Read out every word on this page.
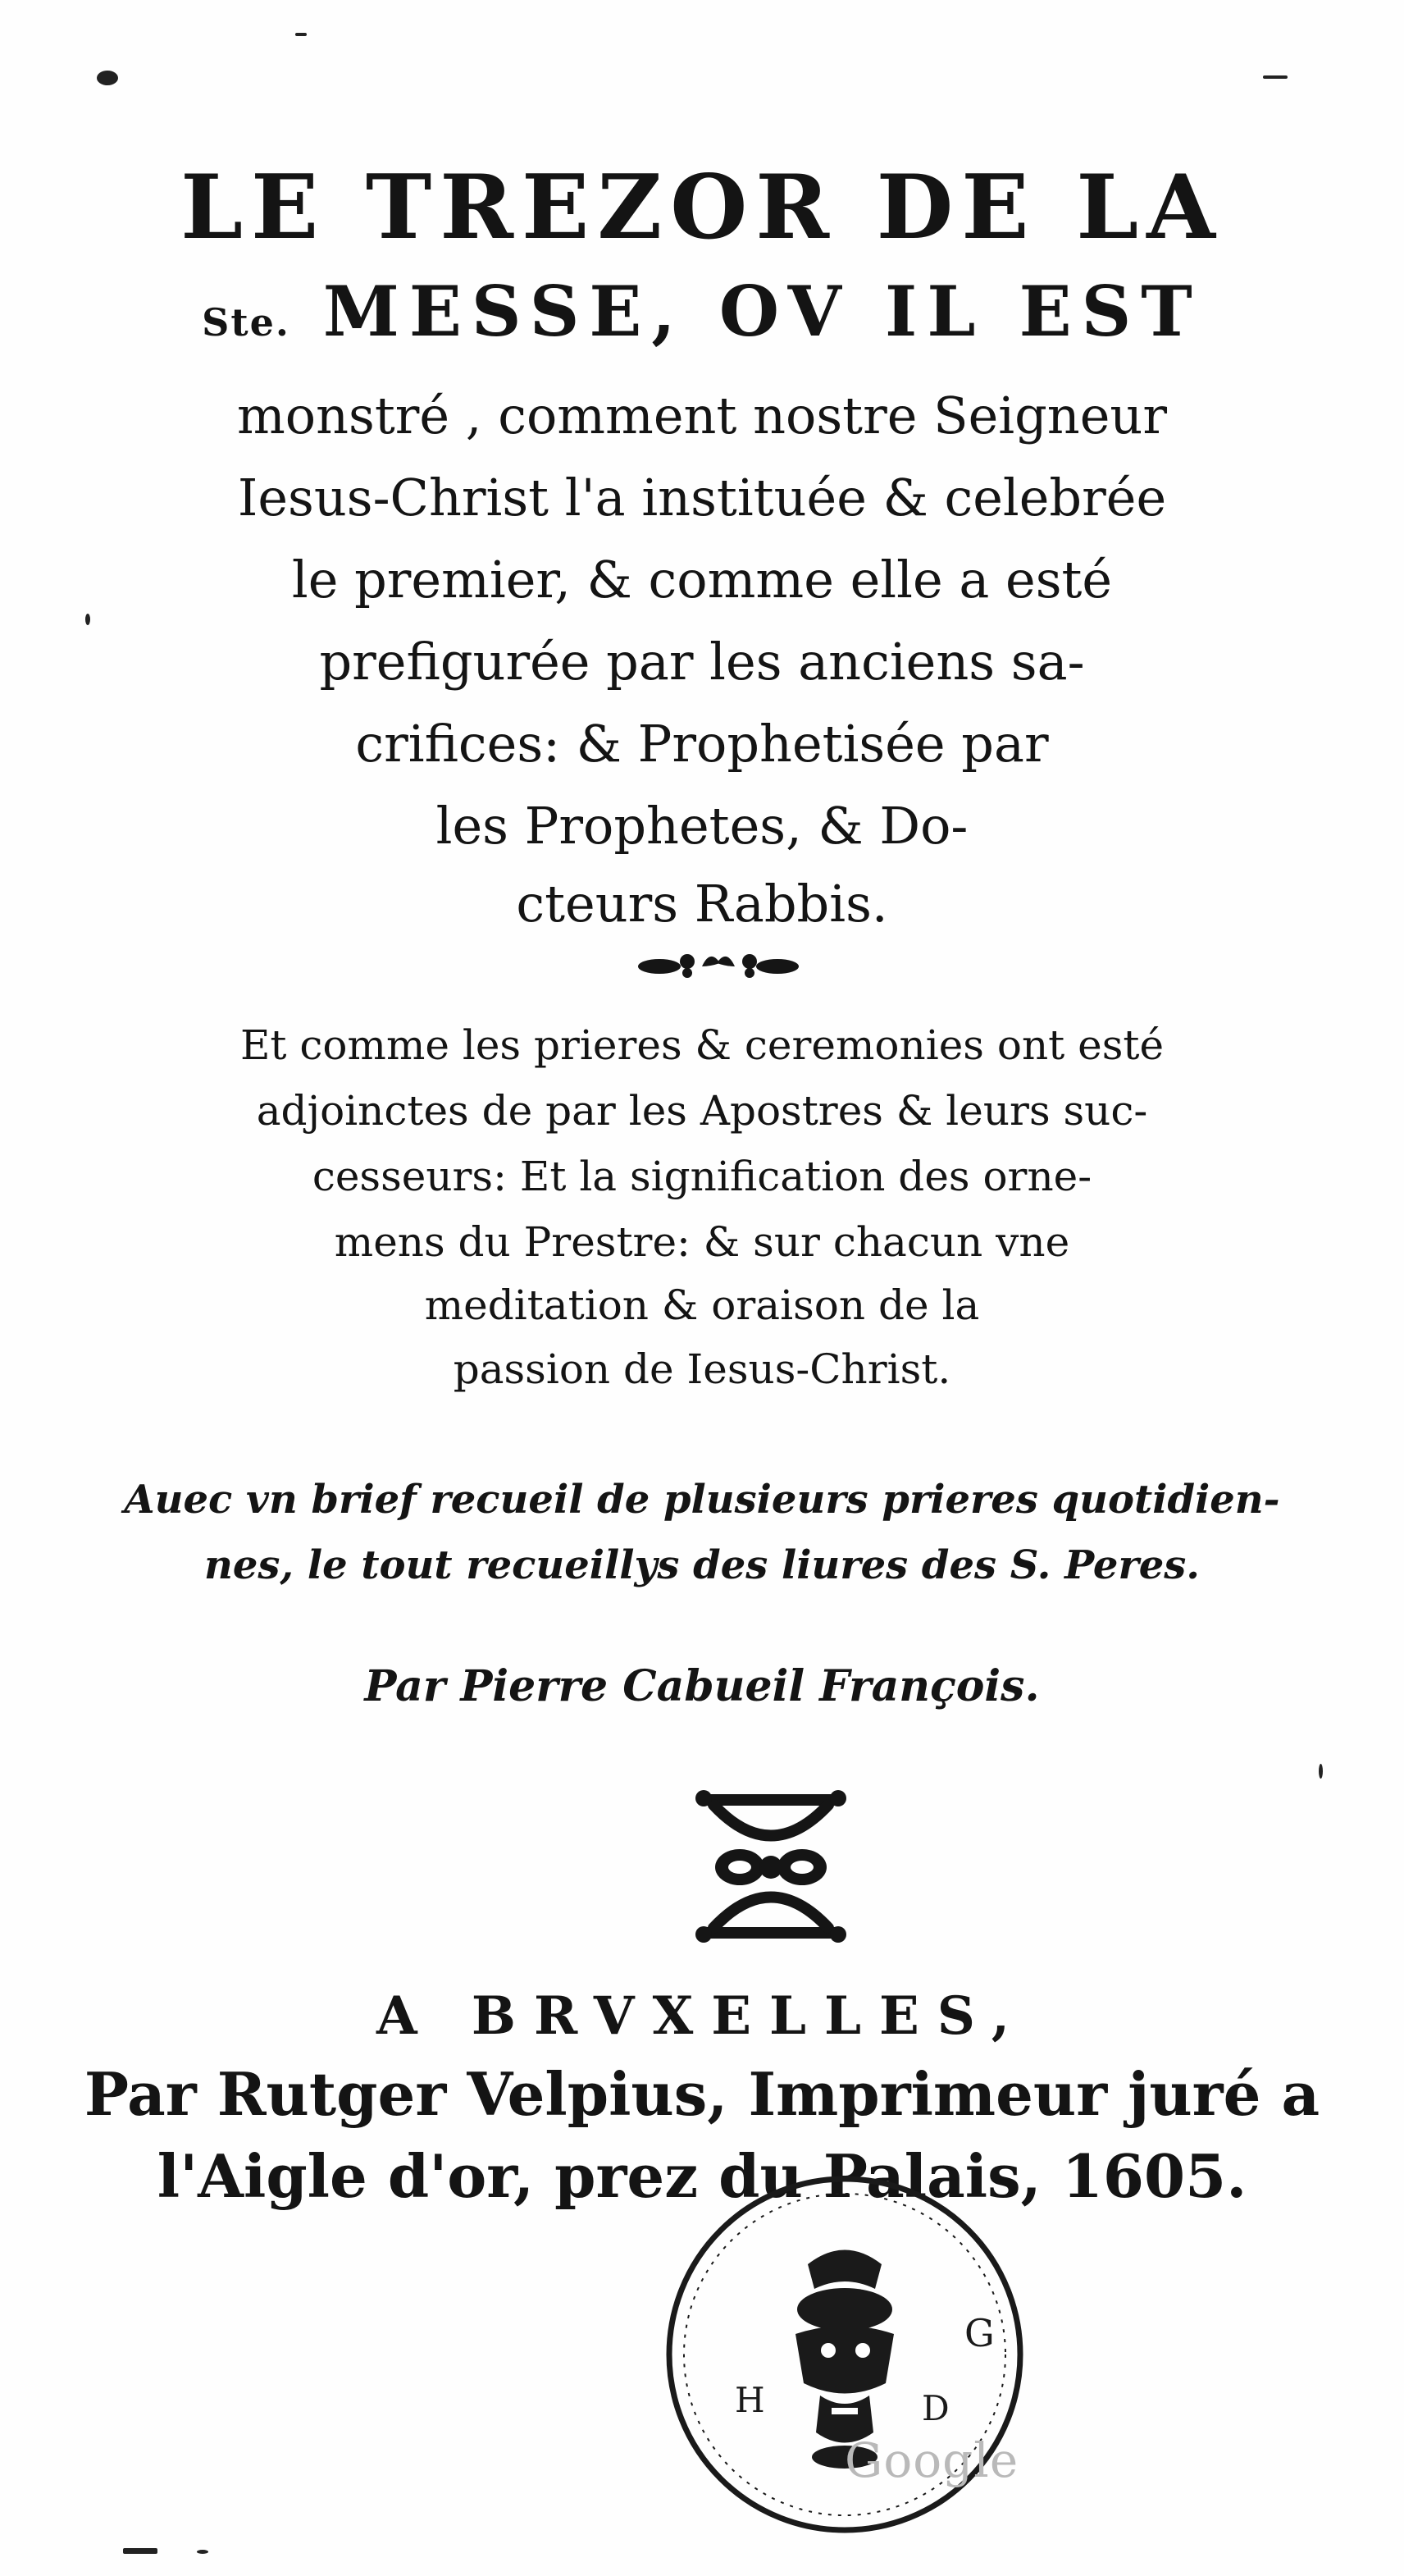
LE TREZOR DE LA
Ste. MESSE, OV IL EST
monstré , comment nostre Seigneur
Iesus-Christ l'a instituée & celebrée
le premier, & comme elle a esté
prefigurée par les anciens sa-
crifices: & Prophetisée par
les Prophetes, & Do-
cteurs Rabbis.
Et comme les prieres & ceremonies ont esté
adjoinctes de par les Apostres & leurs suc-
cesseurs: Et la signification des orne-
mens du Prestre: & sur chacun vne
meditation & oraison de la
passion de Iesus-Christ.
Auec vn brief recueil de plusieurs prieres quotidien-
nes, le tout recueillys des liures des S. Peres.
Par Pierre Cabueil François.
A BRVXELLES,
Par Rutger Velpius, Imprimeur juré a
l'Aigle d'or, prez du Palais, 1605.
G
H	D
Google
